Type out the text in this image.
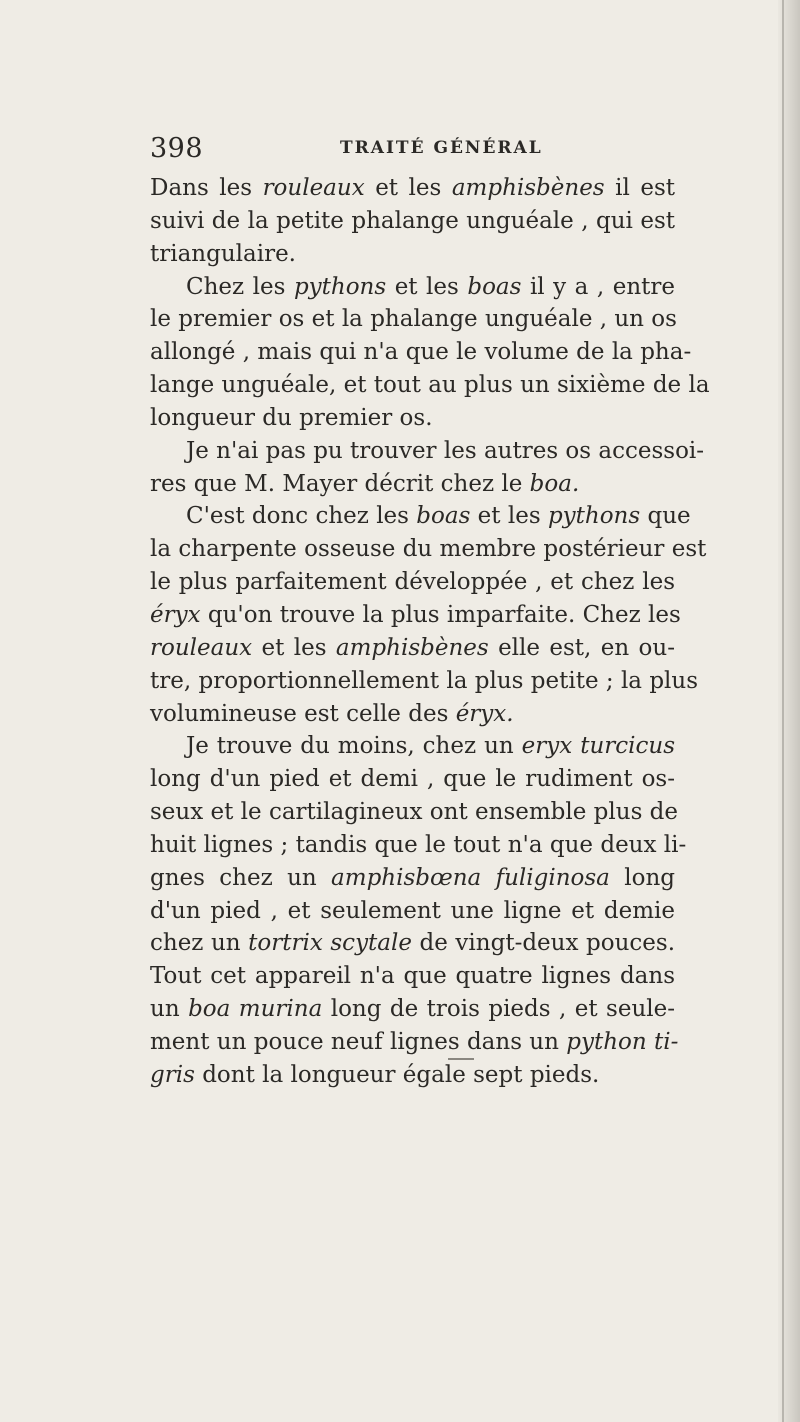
398	TRAITÉ GÉNÉRAL
Dans les rouleaux et les amphisbènes il est
suivi de la petite phalange unguéale , qui est
triangulaire.
Chez les pythons et les boas il y a , entre
le premier os et la phalange unguéale , un os
allongé , mais qui n'a que le volume de la pha-
lange unguéale, et tout au plus un sixième de la
longueur du premier os.
Je n'ai pas pu trouver les autres os accessoi-
res que M. Mayer décrit chez le boa.
C'est donc chez les boas et les pythons que
la charpente osseuse du membre postérieur est
le plus parfaitement développée , et chez les
éryx qu'on trouve la plus imparfaite. Chez les
rouleaux et les amphisbènes elle est, en ou-
tre, proportionnellement la plus petite ; la plus
volumineuse est celle des éryx.
Je trouve du moins, chez un eryx turcicus
long d'un pied et demi , que le rudiment os-
seux et le cartilagineux ont ensemble plus de
huit lignes ; tandis que le tout n'a que deux li-
gnes chez un amphisbœna fuliginosa long
d'un pied , et seulement une ligne et demie
chez un tortrix scytale de vingt-deux pouces.
Tout cet appareil n'a que quatre lignes dans
un boa murina long de trois pieds , et seule-
ment un pouce neuf lignes dans un python ti-
gris dont la longueur égale sept pieds.
